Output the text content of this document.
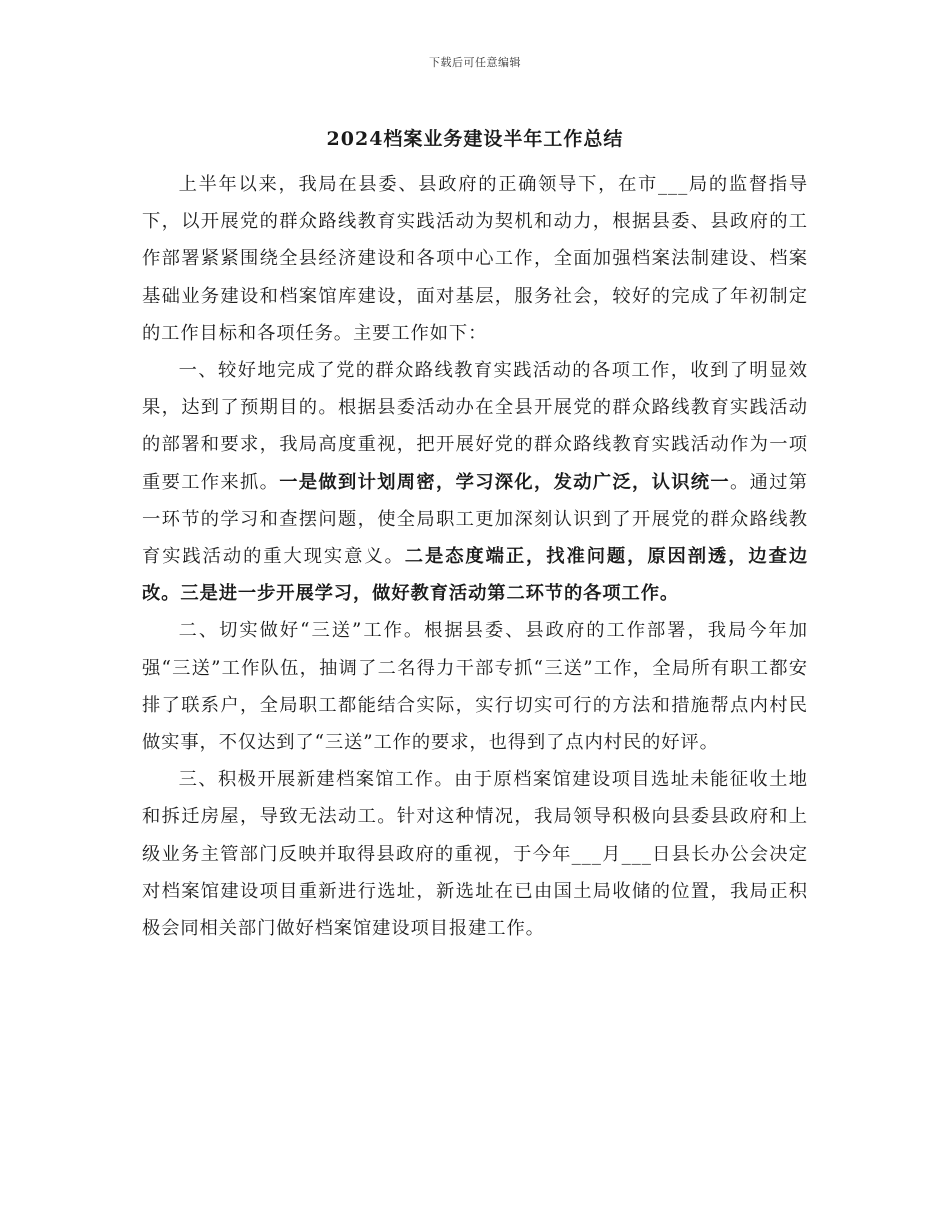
下载后可任意编辑
2024档案业务建设半年工作总结

上半年以来，我局在县委、县政府的正确领导下，在市___局的监督指导下，以开展党的群众路线教育实践活动为契机和动力，根据县委、县政府的工作部署紧紧围绕全县经济建设和各项中心工作，全面加强档案法制建设、档案基础业务建设和档案馆库建设，面对基层，服务社会，较好的完成了年初制定的工作目标和各项任务。主要工作如下：

一、较好地完成了党的群众路线教育实践活动的各项工作，收到了明显效果，达到了预期目的。根据县委活动办在全县开展党的群众路线教育实践活动的部署和要求，我局高度重视，把开展好党的群众路线教育实践活动作为一项重要工作来抓。一是做到计划周密，学习深化，发动广泛，认识统一。通过第一环节的学习和查摆问题，使全局职工更加深刻认识到了开展党的群众路线教育实践活动的重大现实意义。二是态度端正，找准问题，原因剖透，边查边改。三是进一步开展学习，做好教育活动第二环节的各项工作。

二、切实做好“三送”工作。根据县委、县政府的工作部署，我局今年加强“三送”工作队伍，抽调了二名得力干部专抓“三送”工作，全局所有职工都安排了联系户，全局职工都能结合实际，实行切实可行的方法和措施帮点内村民做实事，不仅达到了“三送”工作的要求，也得到了点内村民的好评。

三、积极开展新建档案馆工作。由于原档案馆建设项目选址未能征收土地和拆迁房屋，导致无法动工。针对这种情况，我局领导积极向县委县政府和上级业务主管部门反映并取得县政府的重视，于今年___月___日县长办公会决定对档案馆建设项目重新进行选址，新选址在已由国土局收储的位置，我局正积极会同相关部门做好档案馆建设项目报建工作。
